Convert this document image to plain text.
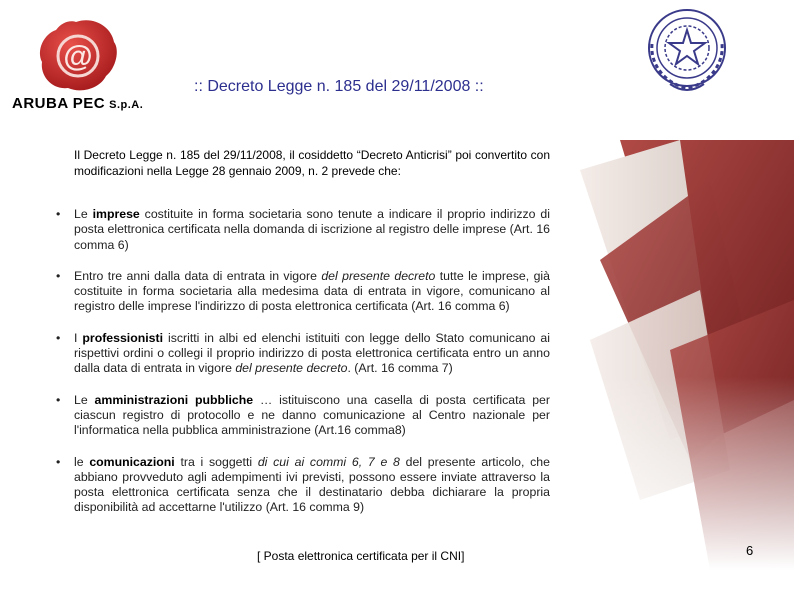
@
ARUBA PEC S.p.A.
:: Decreto Legge n. 185 del 29/11/2008 ::
Il Decreto Legge n. 185 del 29/11/2008, il cosiddetto “Decreto Anticrisi” poi convertito con modificazioni nella Legge 28 gennaio 2009, n. 2 prevede che:
• Le imprese costituite in forma societaria sono tenute a indicare il proprio indirizzo di posta elettronica certificata nella domanda di iscrizione al registro delle imprese (Art. 16 comma 6)
• Entro tre anni dalla data di entrata in vigore del presente decreto tutte le imprese, già costituite in forma societaria alla medesima data di entrata in vigore, comunicano al registro delle imprese l'indirizzo di posta elettronica certificata (Art. 16 comma 6)
• I professionisti iscritti in albi ed elenchi istituiti con legge dello Stato comunicano ai rispettivi ordini o collegi il proprio indirizzo di posta elettronica certificata entro un anno dalla data di entrata in vigore del presente decreto. (Art. 16 comma 7)
• Le amministrazioni pubbliche … istituiscono una casella di posta certificata per ciascun registro di protocollo e ne danno comunicazione al Centro nazionale per l'informatica nella pubblica amministrazione (Art.16 comma8)
• le comunicazioni tra i soggetti di cui ai commi 6, 7 e 8 del presente articolo, che abbiano provveduto agli adempimenti ivi previsti, possono essere inviate attraverso la posta elettronica certificata senza che il destinatario debba dichiarare la propria disponibilità ad accettarne l'utilizzo (Art. 16 comma 9)
[ Posta elettronica certificata per il CNI]	6
